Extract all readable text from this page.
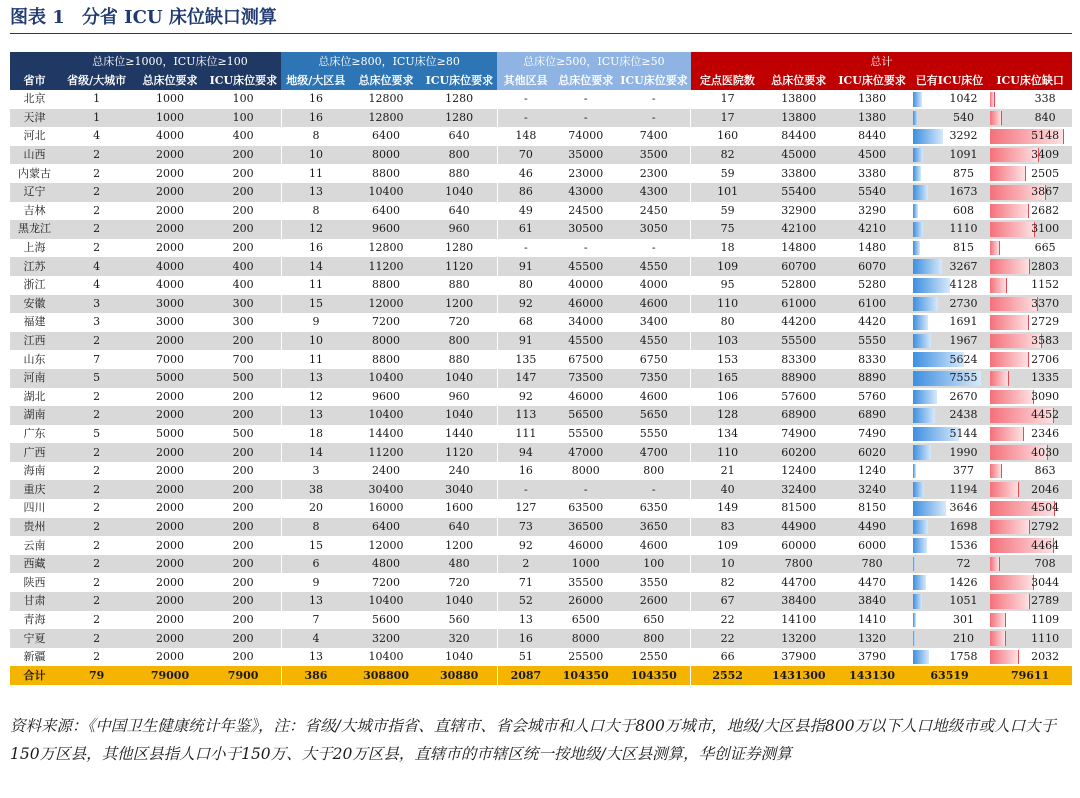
图表 1 分省 ICU 床位缺口测算
	总床位≥1000，ICU床位≥100			总床位≥800，ICU床位≥80			总床位≥500，ICU床位≥50			总计				
省市	省级/大城市	总床位要求	ICU床位要求	地级/大区县	总床位要求	ICU床位要求	其他区县	总床位要求	ICU床位要求	定点医院数	总床位要求	ICU床位要求	已有ICU床位	ICU床位缺口
北京	1	1000	100	16	12800	1280	-	-	-	17	13800	1380	1042	338
天津	1	1000	100	16	12800	1280	-	-	-	17	13800	1380	540	840
河北	4	4000	400	8	6400	640	148	74000	7400	160	84400	8440	3292	5148
山西	2	2000	200	10	8000	800	70	35000	3500	82	45000	4500	1091	3409
内蒙古	2	2000	200	11	8800	880	46	23000	2300	59	33800	3380	875	2505
辽宁	2	2000	200	13	10400	1040	86	43000	4300	101	55400	5540	1673	3867
吉林	2	2000	200	8	6400	640	49	24500	2450	59	32900	3290	608	2682
黑龙江	2	2000	200	12	9600	960	61	30500	3050	75	42100	4210	1110	3100
上海	2	2000	200	16	12800	1280	-	-	-	18	14800	1480	815	665
江苏	4	4000	400	14	11200	1120	91	45500	4550	109	60700	6070	3267	2803
浙江	4	4000	400	11	8800	880	80	40000	4000	95	52800	5280	4128	1152
安徽	3	3000	300	15	12000	1200	92	46000	4600	110	61000	6100	2730	3370
福建	3	3000	300	9	7200	720	68	34000	3400	80	44200	4420	1691	2729
江西	2	2000	200	10	8000	800	91	45500	4550	103	55500	5550	1967	3583
山东	7	7000	700	11	8800	880	135	67500	6750	153	83300	8330	5624	2706
河南	5	5000	500	13	10400	1040	147	73500	7350	165	88900	8890	7555	1335
湖北	2	2000	200	12	9600	960	92	46000	4600	106	57600	5760	2670	3090
湖南	2	2000	200	13	10400	1040	113	56500	5650	128	68900	6890	2438	4452
广东	5	5000	500	18	14400	1440	111	55500	5550	134	74900	7490	5144	2346
广西	2	2000	200	14	11200	1120	94	47000	4700	110	60200	6020	1990	4030
海南	2	2000	200	3	2400	240	16	8000	800	21	12400	1240	377	863
重庆	2	2000	200	38	30400	3040	-	-	-	40	32400	3240	1194	2046
四川	2	2000	200	20	16000	1600	127	63500	6350	149	81500	8150	3646	4504
贵州	2	2000	200	8	6400	640	73	36500	3650	83	44900	4490	1698	2792
云南	2	2000	200	15	12000	1200	92	46000	4600	109	60000	6000	1536	4464
西藏	2	2000	200	6	4800	480	2	1000	100	10	7800	780	72	708
陕西	2	2000	200	9	7200	720	71	35500	3550	82	44700	4470	1426	3044
甘肃	2	2000	200	13	10400	1040	52	26000	2600	67	38400	3840	1051	2789
青海	2	2000	200	7	5600	560	13	6500	650	22	14100	1410	301	1109
宁夏	2	2000	200	4	3200	320	16	8000	800	22	13200	1320	210	1110
新疆	2	2000	200	13	10400	1040	51	25500	2550	66	37900	3790	1758	2032
合计	79	79000	7900	386	308800	30880	2087	104350	104350	2552	1431300	143130	63519	79611
资料来源：《中国卫生健康统计年鉴》，注：省级/大城市指省、直辖市、省会城市和人口大于800万城市，地级/大区县指800万以下人口地级市或人口大于150万区县，其他区县指人口小于150万、大于20万区县，直辖市的市辖区统一按地级/大区县测算，华创证券测算
